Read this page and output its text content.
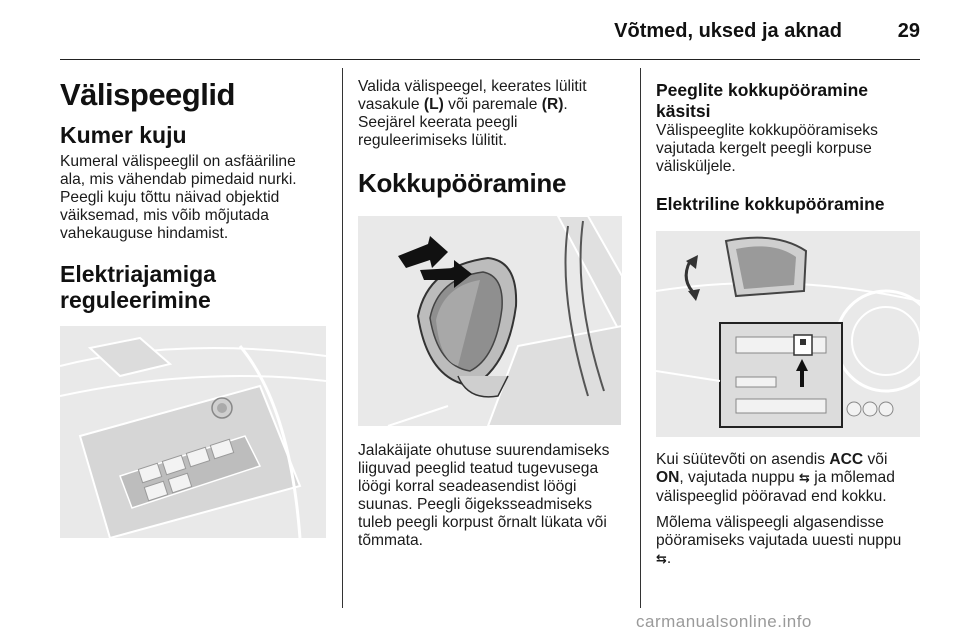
Võtmed, uksed ja aknad	29
Välispeeglid
Kumer kuju

Kumeral välispeeglil on asfääriline

ala, mis vähendab pimedaid nurki.

Peegli kuju tõttu näivad objektid

väiksemad, mis võib mõjutada

vahekauguse hindamist.

Elektriajamiga
reguleerimine

Valida välispeegel, keerates lülitit

vasakule (L) või paremale (R).

Seejärel keerata peegli

reguleerimiseks lülitit.

Kokkupööramine

Jalakäijate ohutuse suurendamiseks

liiguvad peeglid teatud tugevusega

löögi korral seadeasendist löögi

suunas. Peegli õigeksseadmiseks

tuleb peegli korpust õrnalt lükata või

tõmmata.

Peeglite kokkupööramine
käsitsi

Välispeeglite kokkupööramiseks

vajutada kergelt peegli korpuse

välisküljele.

Elektriline kokkupööramine

Kui süütevõti on asendis ACC või

ON, vajutada nuppu ⇆ ja mõlemad

välispeeglid pööravad end kokku.

Mõlema välispeegli algasendisse

pööramiseks vajutada uuesti nuppu

⇆.

carmanualsonline.info
